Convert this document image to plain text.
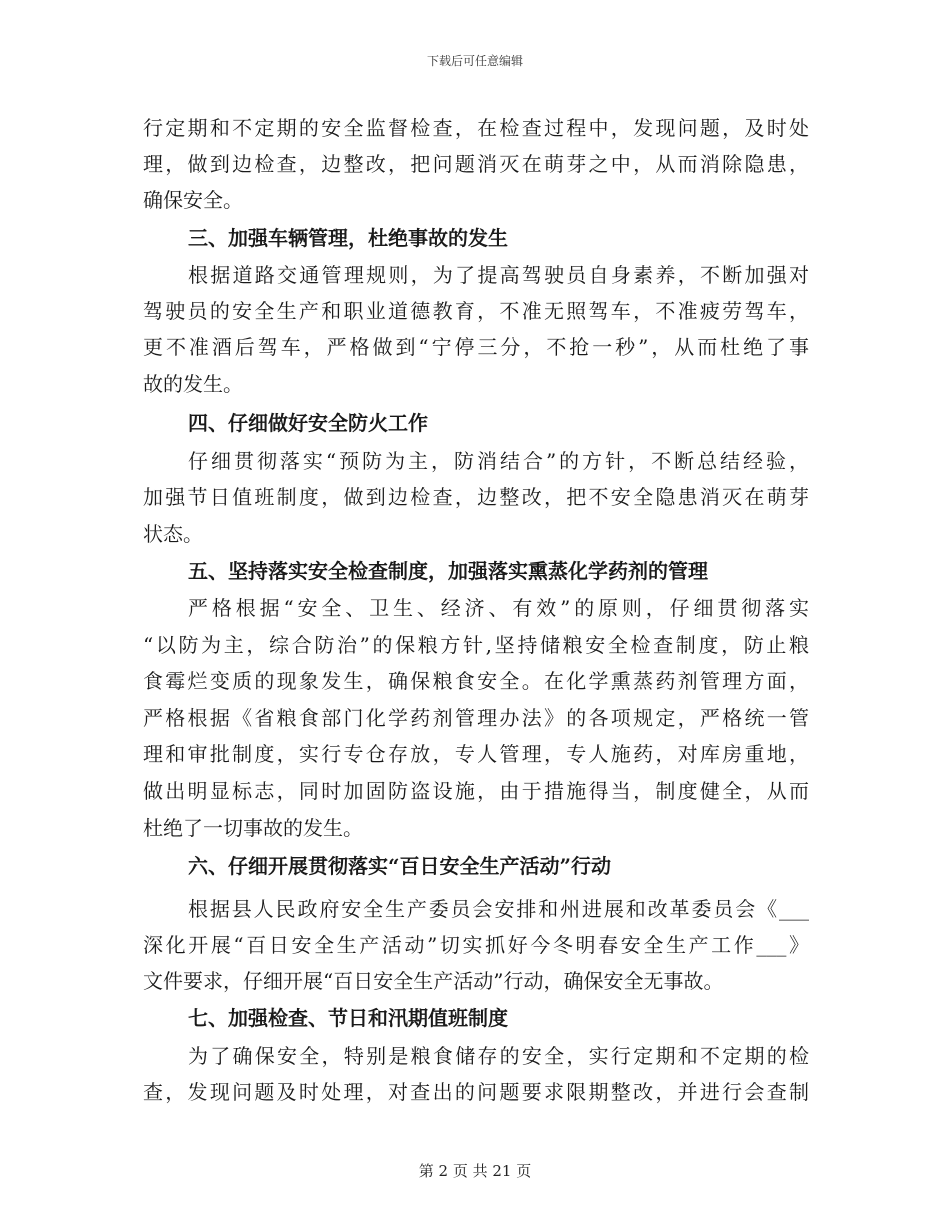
下载后可任意编辑
行定期和不定期的安全监督检查，在检查过程中，发现问题，及时处
理，做到边检查，边整改，把问题消灭在萌芽之中，从而消除隐患，
确保安全。
三、加强车辆管理，杜绝事故的发生
根据道路交通管理规则，为了提高驾驶员自身素养，不断加强对
驾驶员的安全生产和职业道德教育，不准无照驾车，不准疲劳驾车，
更不准酒后驾车，严格做到“宁停三分，不抢一秒”，从而杜绝了事
故的发生。
四、仔细做好安全防火工作
仔细贯彻落实“预防为主，防消结合”的方针，不断总结经验，
加强节日值班制度，做到边检查，边整改，把不安全隐患消灭在萌芽
状态。
五、坚持落实安全检查制度，加强落实熏蒸化学药剂的管理
严格根据“安全、卫生、经济、有效”的原则，仔细贯彻落实
“以防为主，综合防治”的保粮方针,坚持储粮安全检查制度，防止粮
食霉烂变质的现象发生，确保粮食安全。在化学熏蒸药剂管理方面，
严格根据《省粮食部门化学药剂管理办法》的各项规定，严格统一管
理和审批制度，实行专仓存放，专人管理，专人施药，对库房重地，
做出明显标志，同时加固防盗设施，由于措施得当，制度健全，从而
杜绝了一切事故的发生。
六、仔细开展贯彻落实“百日安全生产活动”行动
根据县人民政府安全生产委员会安排和州进展和改革委员会《___
深化开展“百日安全生产活动”切实抓好今冬明春安全生产工作___》
文件要求，仔细开展“百日安全生产活动”行动，确保安全无事故。
七、加强检查、节日和汛期值班制度
为了确保安全，特别是粮食储存的安全，实行定期和不定期的检
查，发现问题及时处理，对查出的问题要求限期整改，并进行会查制
第 2 页 共 21 页
